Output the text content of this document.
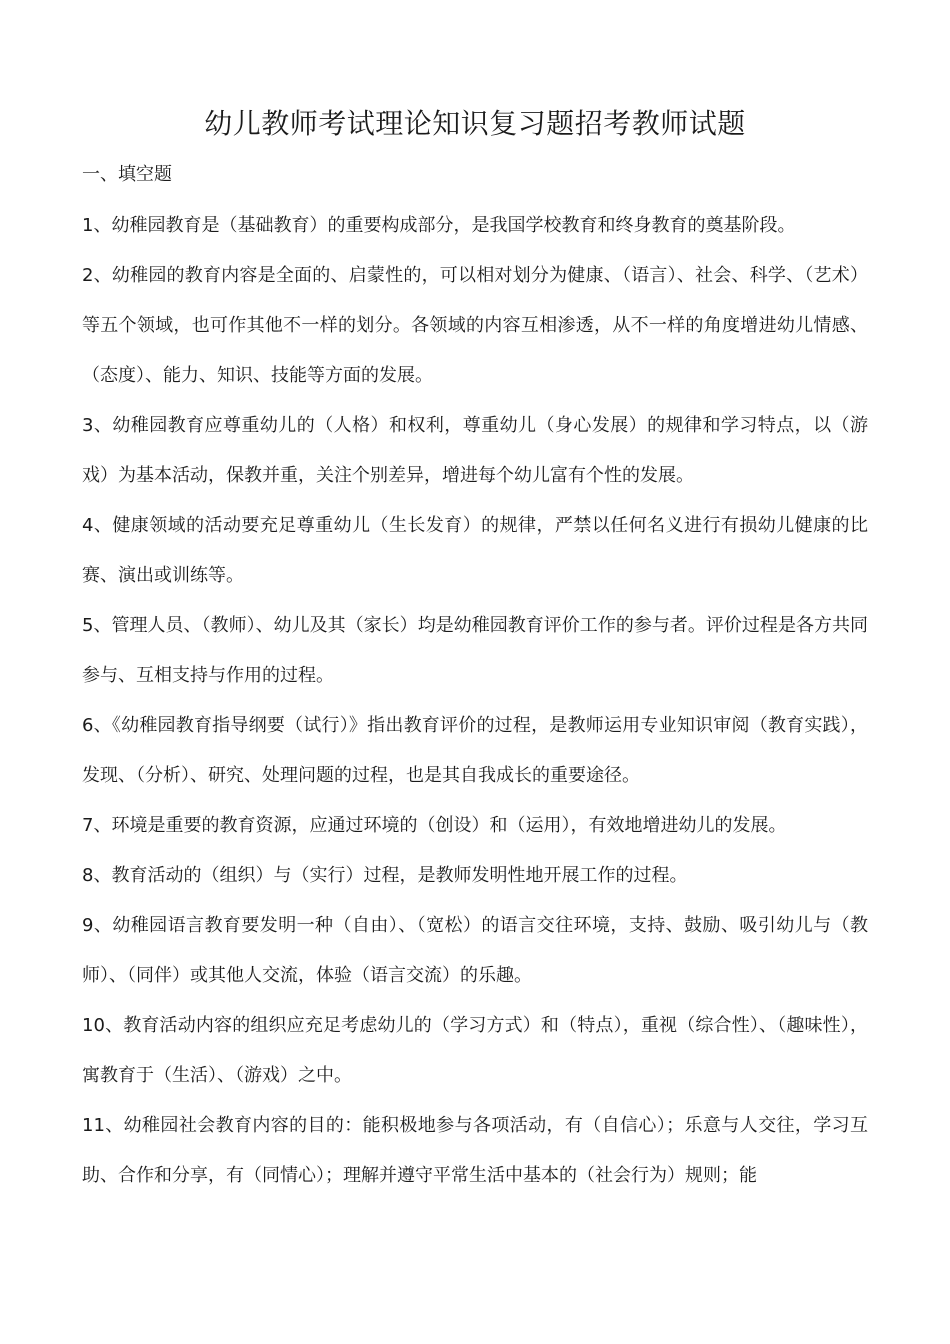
幼儿教师考试理论知识复习题招考教师试题
一、填空题

1、幼稚园教育是（基础教育）的重要构成部分，是我国学校教育和终身教育的奠基阶段。

2、幼稚园的教育内容是全面的、启蒙性的，可以相对划分为健康、（语言）、社会、科学、（艺术）等五个领域，也可作其他不一样的划分。各领域的内容互相渗透，从不一样的角度增进幼儿情感、（态度）、能力、知识、技能等方面的发展。

3、幼稚园教育应尊重幼儿的（人格）和权利，尊重幼儿（身心发展）的规律和学习特点，以（游戏）为基本活动，保教并重，关注个别差异，增进每个幼儿富有个性的发展。

4、健康领域的活动要充足尊重幼儿（生长发育）的规律，严禁以任何名义进行有损幼儿健康的比赛、演出或训练等。

5、管理人员、（教师）、幼儿及其（家长）均是幼稚园教育评价工作的参与者。评价过程是各方共同参与、互相支持与作用的过程。

6、《幼稚园教育指导纲要（试行）》指出教育评价的过程，是教师运用专业知识审阅（教育实践），发现、（分析）、研究、处理问题的过程，也是其自我成长的重要途径。

7、环境是重要的教育资源，应通过环境的（创设）和（运用），有效地增进幼儿的发展。

8、教育活动的（组织）与（实行）过程，是教师发明性地开展工作的过程。

9、幼稚园语言教育要发明一种（自由）、（宽松）的语言交往环境，支持、鼓励、吸引幼儿与（教师）、（同伴）或其他人交流，体验（语言交流）的乐趣。

10、教育活动内容的组织应充足考虑幼儿的（学习方式）和（特点），重视（综合性）、（趣味性），寓教育于（生活）、（游戏）之中。

11、幼稚园社会教育内容的目的：能积极地参与各项活动，有（自信心）；乐意与人交往，学习互助、合作和分享，有（同情心）；理解并遵守平常生活中基本的（社会行为）规则；能
